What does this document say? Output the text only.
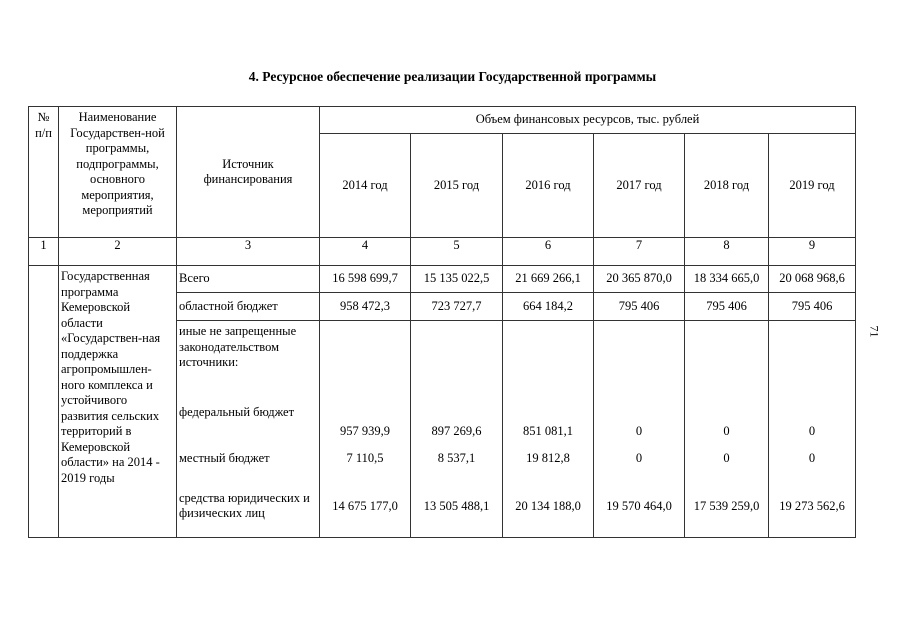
4. Ресурсное обеспечение реализации Государственной программы
71
№ п/п	Наименование Государствен-ной программы, подпрограммы, основного мероприятия, мероприятий	Источник финансирования	Объем финансовых ресурсов, тыс. рублей					
			2014 год	2015 год	2016 год	2017 год	2018 год	2019 год
1	2	3	4	5	6	7	8	9
	Государственная программа Кемеровской области «Государствен-ная поддержка агропромышлен-ного комплекса и устойчивого развития сельских территорий в Кемеровской области» на 2014 - 2019 годы	Всего	16 598 699,7	15 135 022,5	21 669 266,1	20 365 870,0	18 334 665,0	20 068 968,6
		областной бюджет	958 472,3	723 727,7	664 184,2	795 406	795 406	795 406
		иные не запрещенные законодательством источники:						
		федеральный бюджет	957 939,9	897 269,6	851 081,1	0	0	0
		местный бюджет	7 110,5	8 537,1	19 812,8	0	0	0
		средства юридических и физических лиц	14 675 177,0	13 505 488,1	20 134 188,0	19 570 464,0	17 539 259,0	19 273 562,6
